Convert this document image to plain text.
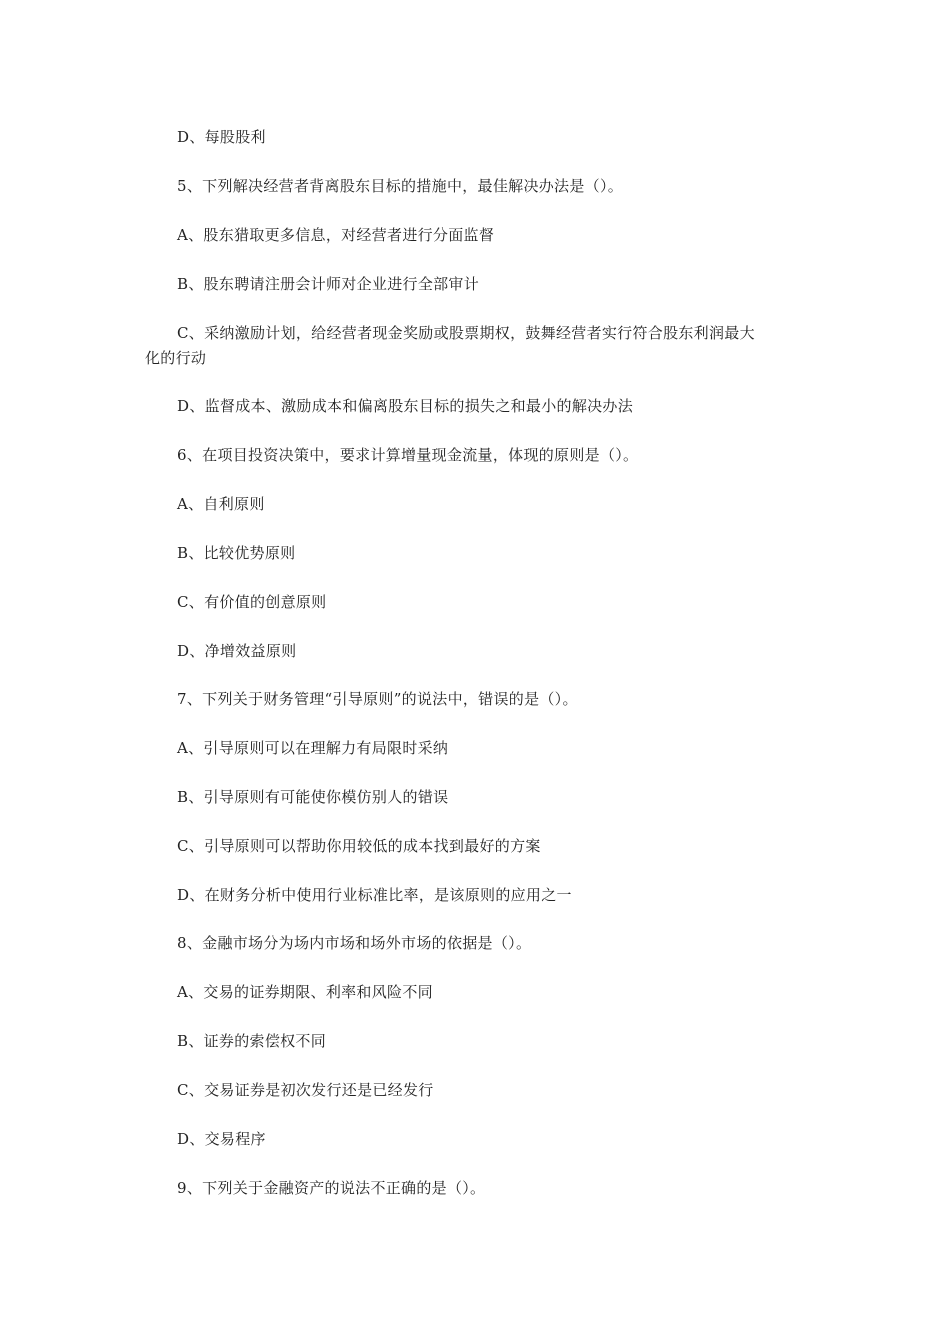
D、每股股利
5、下列解决经营者背离股东目标的措施中，最佳解决办法是（）。
A、股东猎取更多信息，对经营者进行分面监督
B、股东聘请注册会计师对企业进行全部审计
C、采纳激励计划，给经营者现金奖励或股票期权，鼓舞经营者实行符合股东利润最大
化的行动
D、监督成本、激励成本和偏离股东目标的损失之和最小的解决办法
6、在项目投资决策中，要求计算增量现金流量，体现的原则是（）。
A、自利原则
B、比较优势原则
C、有价值的创意原则
D、净增效益原则
7、下列关于财务管理“引导原则”的说法中，错误的是（）。
A、引导原则可以在理解力有局限时采纳
B、引导原则有可能使你模仿别人的错误
C、引导原则可以帮助你用较低的成本找到最好的方案
D、在财务分析中使用行业标准比率，是该原则的应用之一
8、金融市场分为场内市场和场外市场的依据是（）。
A、交易的证券期限、利率和风险不同
B、证券的索偿权不同
C、交易证券是初次发行还是已经发行
D、交易程序
9、下列关于金融资产的说法不正确的是（）。
